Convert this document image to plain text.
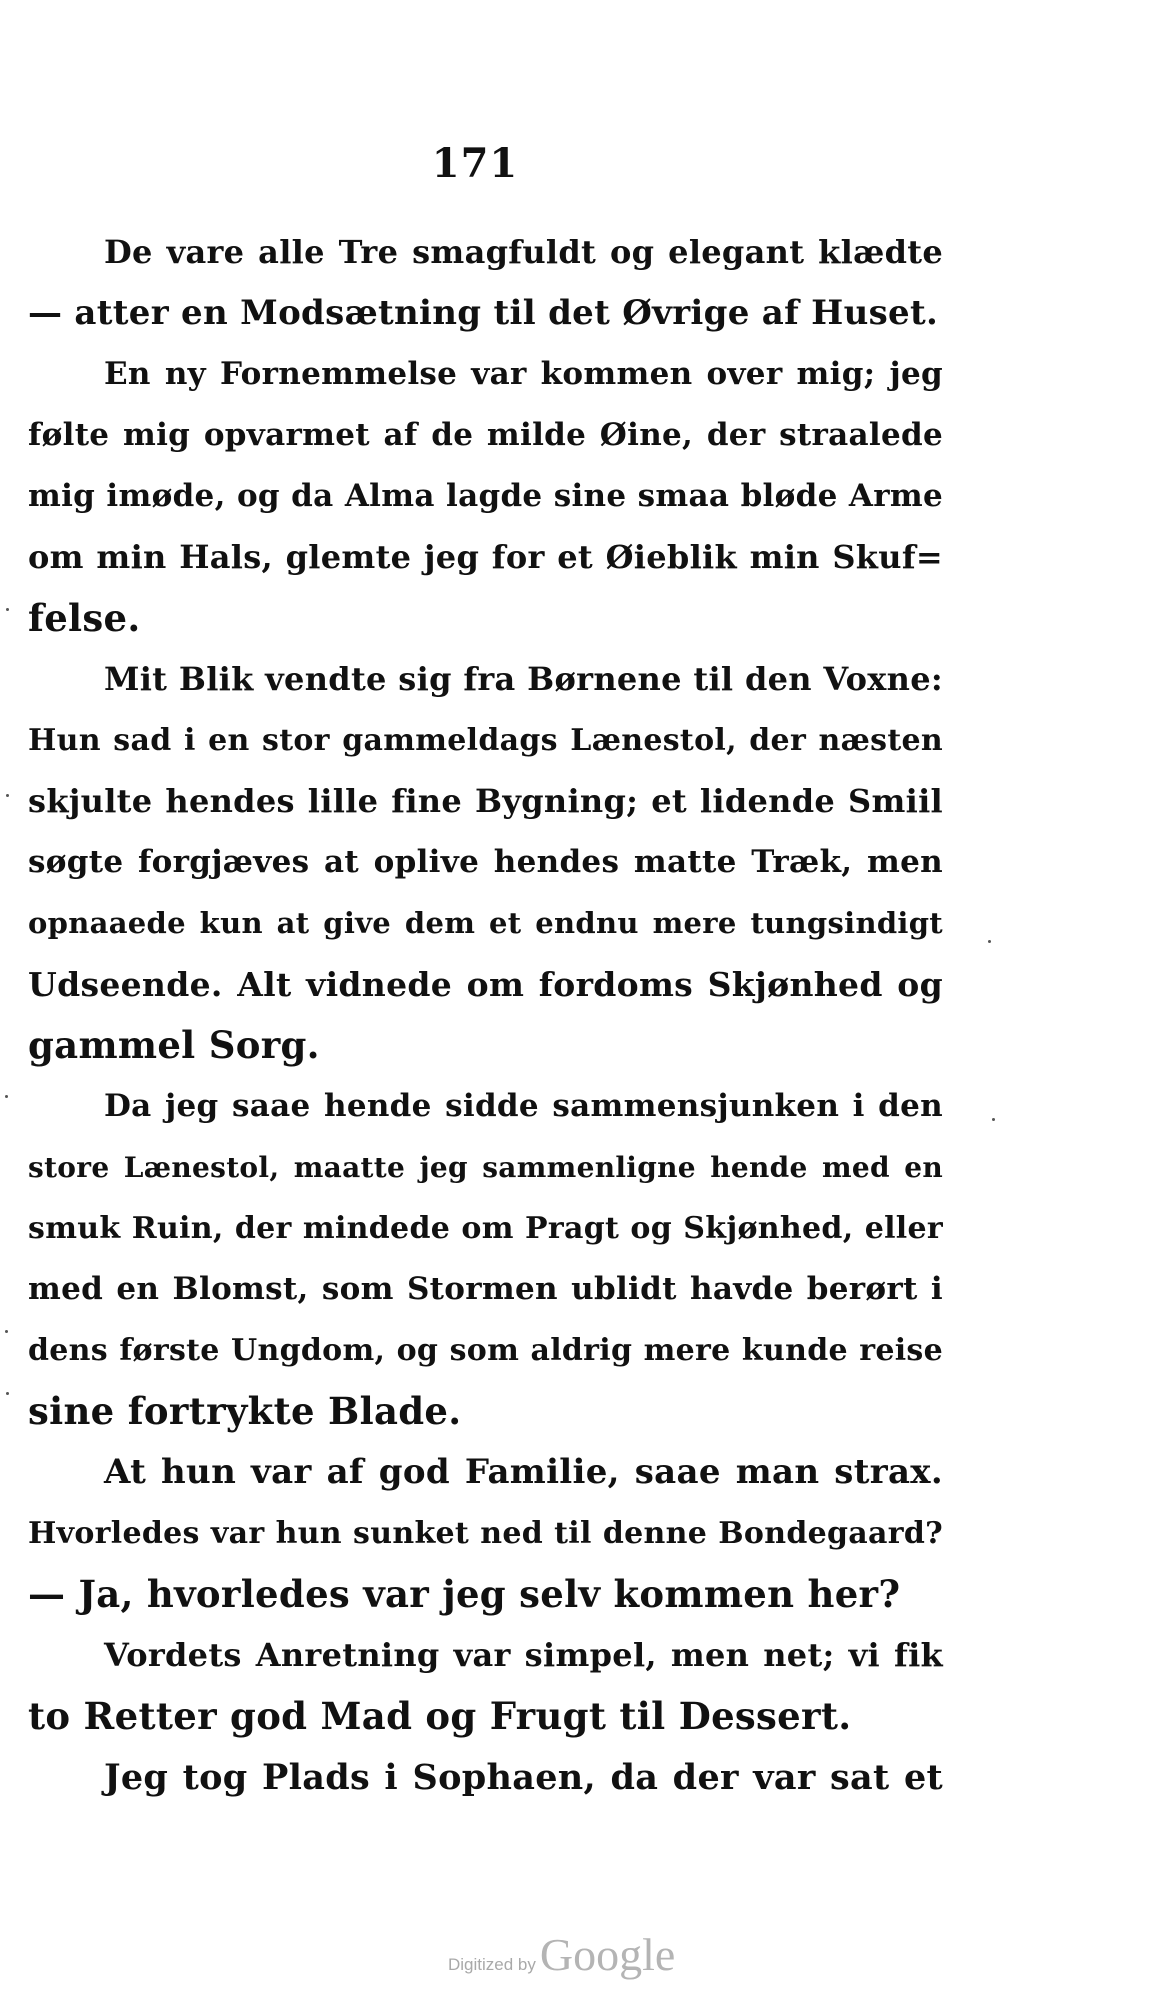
171
De vare alle Tre smagfuldt og elegant klædte
— atter en Modsætning til det Øvrige af Huset.
En ny Fornemmelse var kommen over mig; jeg
følte mig opvarmet af de milde Øine, der straalede
mig imøde, og da Alma lagde sine smaa bløde Arme
om min Hals, glemte jeg for et Øieblik min Skuf=
felse.
Mit Blik vendte sig fra Børnene til den Voxne:
Hun sad i en stor gammeldags Lænestol, der næsten
skjulte hendes lille fine Bygning; et lidende Smiil
søgte forgjæves at oplive hendes matte Træk, men
opnaaede kun at give dem et endnu mere tungsindigt
Udseende. Alt vidnede om fordoms Skjønhed og
gammel Sorg.
Da jeg saae hende sidde sammensjunken i den
store Lænestol, maatte jeg sammenligne hende med en
smuk Ruin, der mindede om Pragt og Skjønhed, eller
med en Blomst, som Stormen ublidt havde berørt i
dens første Ungdom, og som aldrig mere kunde reise
sine fortrykte Blade.
At hun var af god Familie, saae man strax.
Hvorledes var hun sunket ned til denne Bondegaard?
— Ja, hvorledes var jeg selv kommen her?
Vordets Anretning var simpel, men net; vi fik
to Retter god Mad og Frugt til Dessert.
Jeg tog Plads i Sophaen, da der var sat et
Digitized byGoogle
